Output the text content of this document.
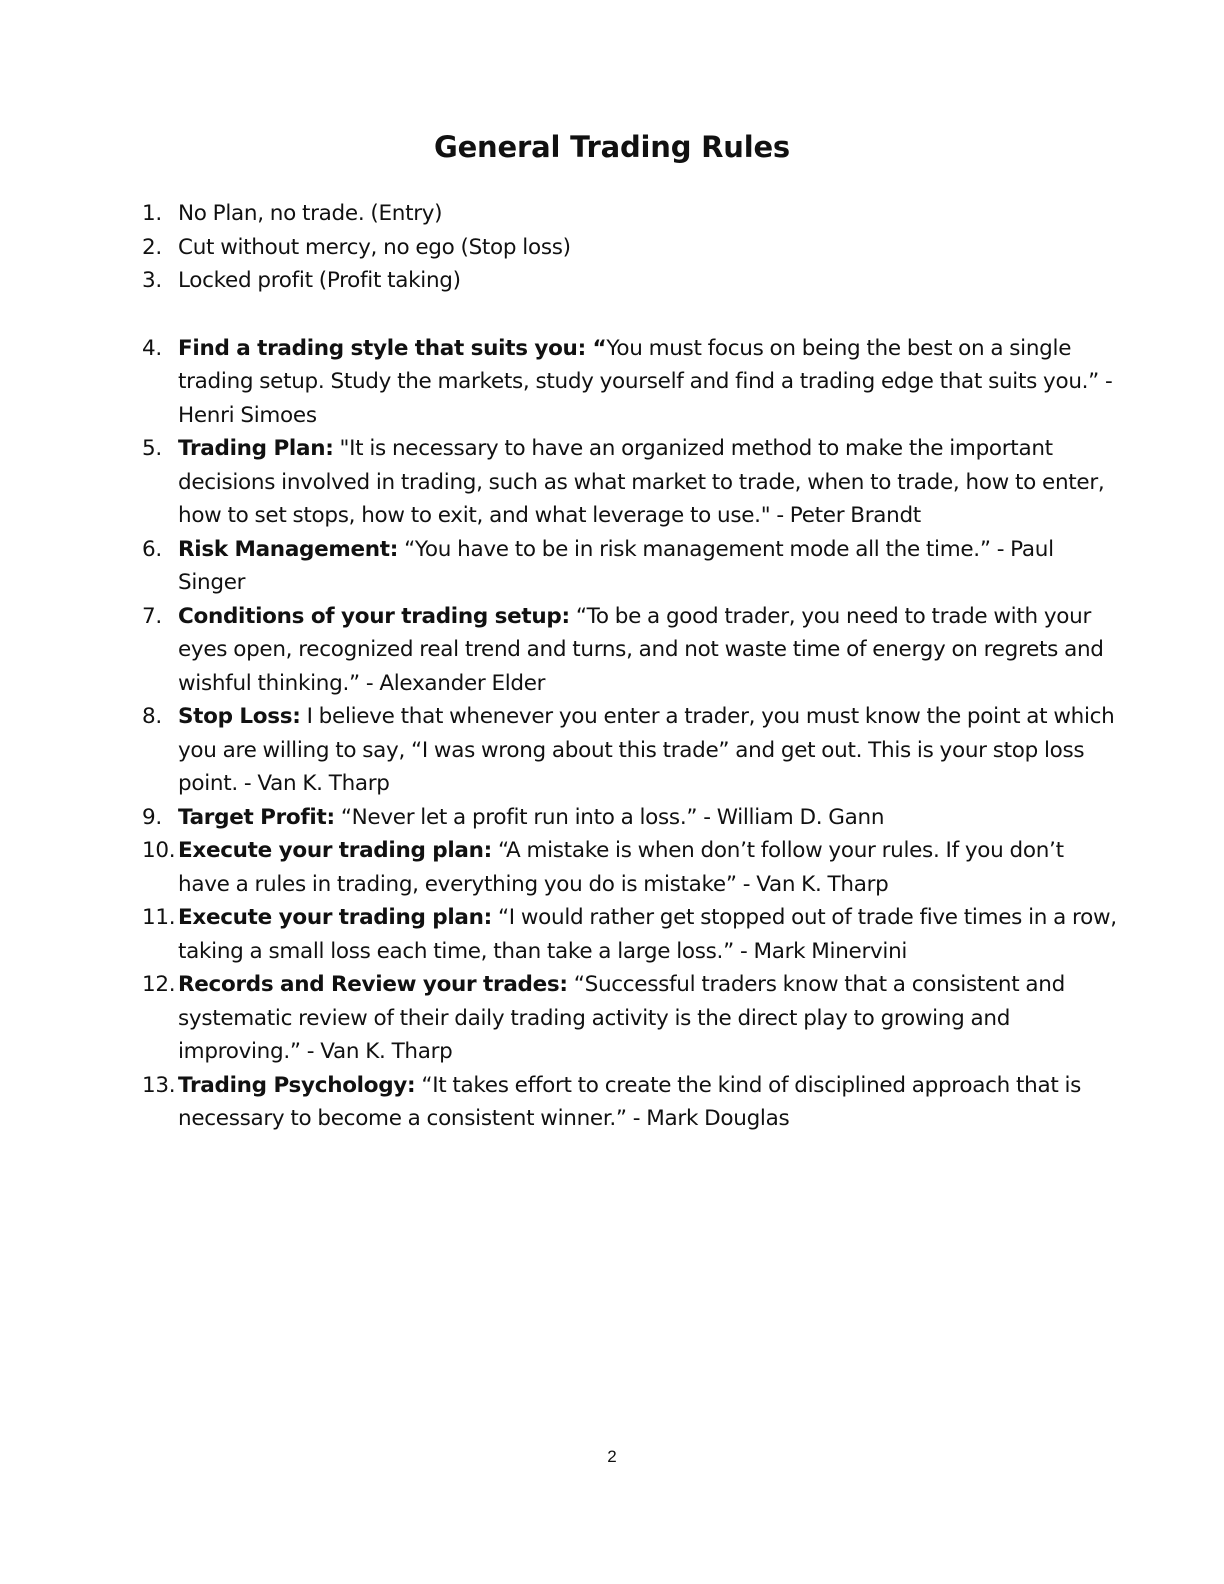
General Trading Rules
1. No Plan, no trade. (Entry)
2. Cut without mercy, no ego (Stop loss)
3. Locked profit (Profit taking)
4. Find a trading style that suits you: “You must focus on being the best on a single trading setup. Study the markets, study yourself and find a trading edge that suits you.” - Henri Simoes
5. Trading Plan: "It is necessary to have an organized method to make the important decisions involved in trading, such as what market to trade, when to trade, how to enter, how to set stops, how to exit, and what leverage to use." - Peter Brandt
6. Risk Management: “You have to be in risk management mode all the time.” - Paul Singer
7. Conditions of your trading setup: “To be a good trader, you need to trade with your eyes open, recognized real trend and turns, and not waste time of energy on regrets and wishful thinking.” - Alexander Elder
8. Stop Loss: I believe that whenever you enter a trader, you must know the point at which you are willing to say, “I was wrong about this trade” and get out. This is your stop loss point. - Van K. Tharp
9. Target Profit: “Never let a profit run into a loss.” - William D. Gann
10. Execute your trading plan: “A mistake is when don’t follow your rules. If you don’t have a rules in trading, everything you do is mistake” - Van K. Tharp
11. Execute your trading plan: “I would rather get stopped out of trade five times in a row, taking a small loss each time, than take a large loss.” - Mark Minervini
12. Records and Review your trades: “Successful traders know that a consistent and systematic review of their daily trading activity is the direct play to growing and improving.” - Van K. Tharp
13. Trading Psychology: “It takes effort to create the kind of disciplined approach that is necessary to become a consistent winner.” - Mark Douglas
2
